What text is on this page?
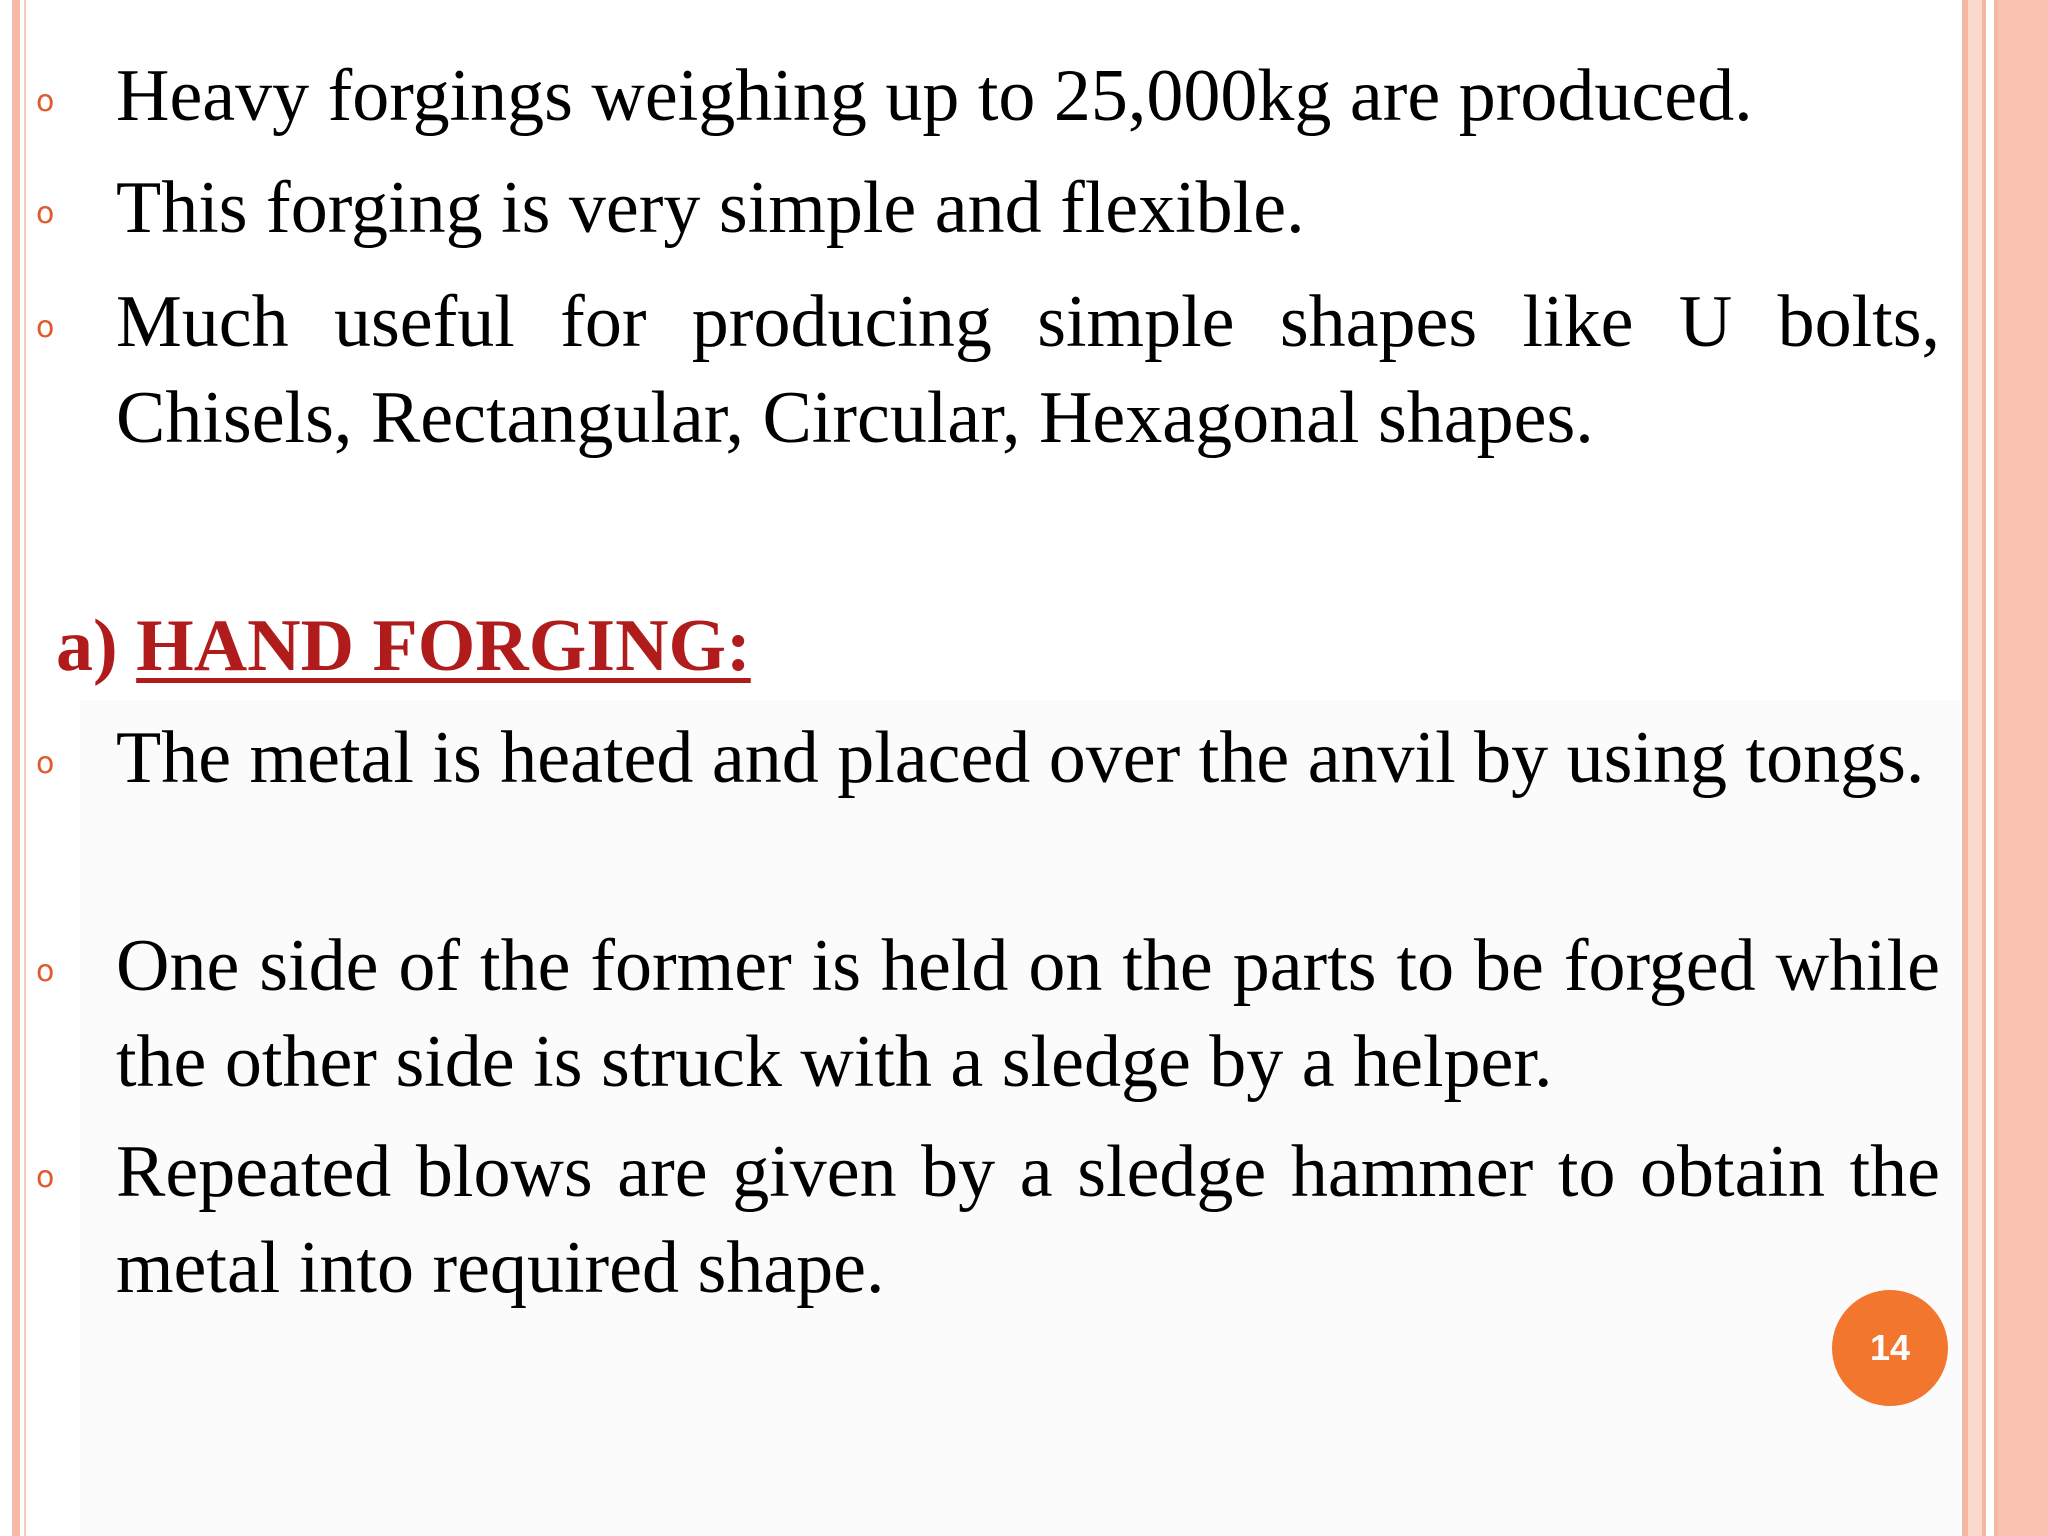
o Heavy forgings weighing up to 25,000kg are produced.
o This forging is very simple and flexible.
o Much useful for producing simple shapes like U bolts, Chisels, Rectangular, Circular, Hexagonal shapes.
a) HAND FORGING:
o The metal is heated and placed over the anvil by using tongs.
o One side of the former is held on the parts to be forged while the other side is struck with a sledge by a helper.
o Repeated blows are given by a sledge hammer to obtain the metal into required shape.
14
